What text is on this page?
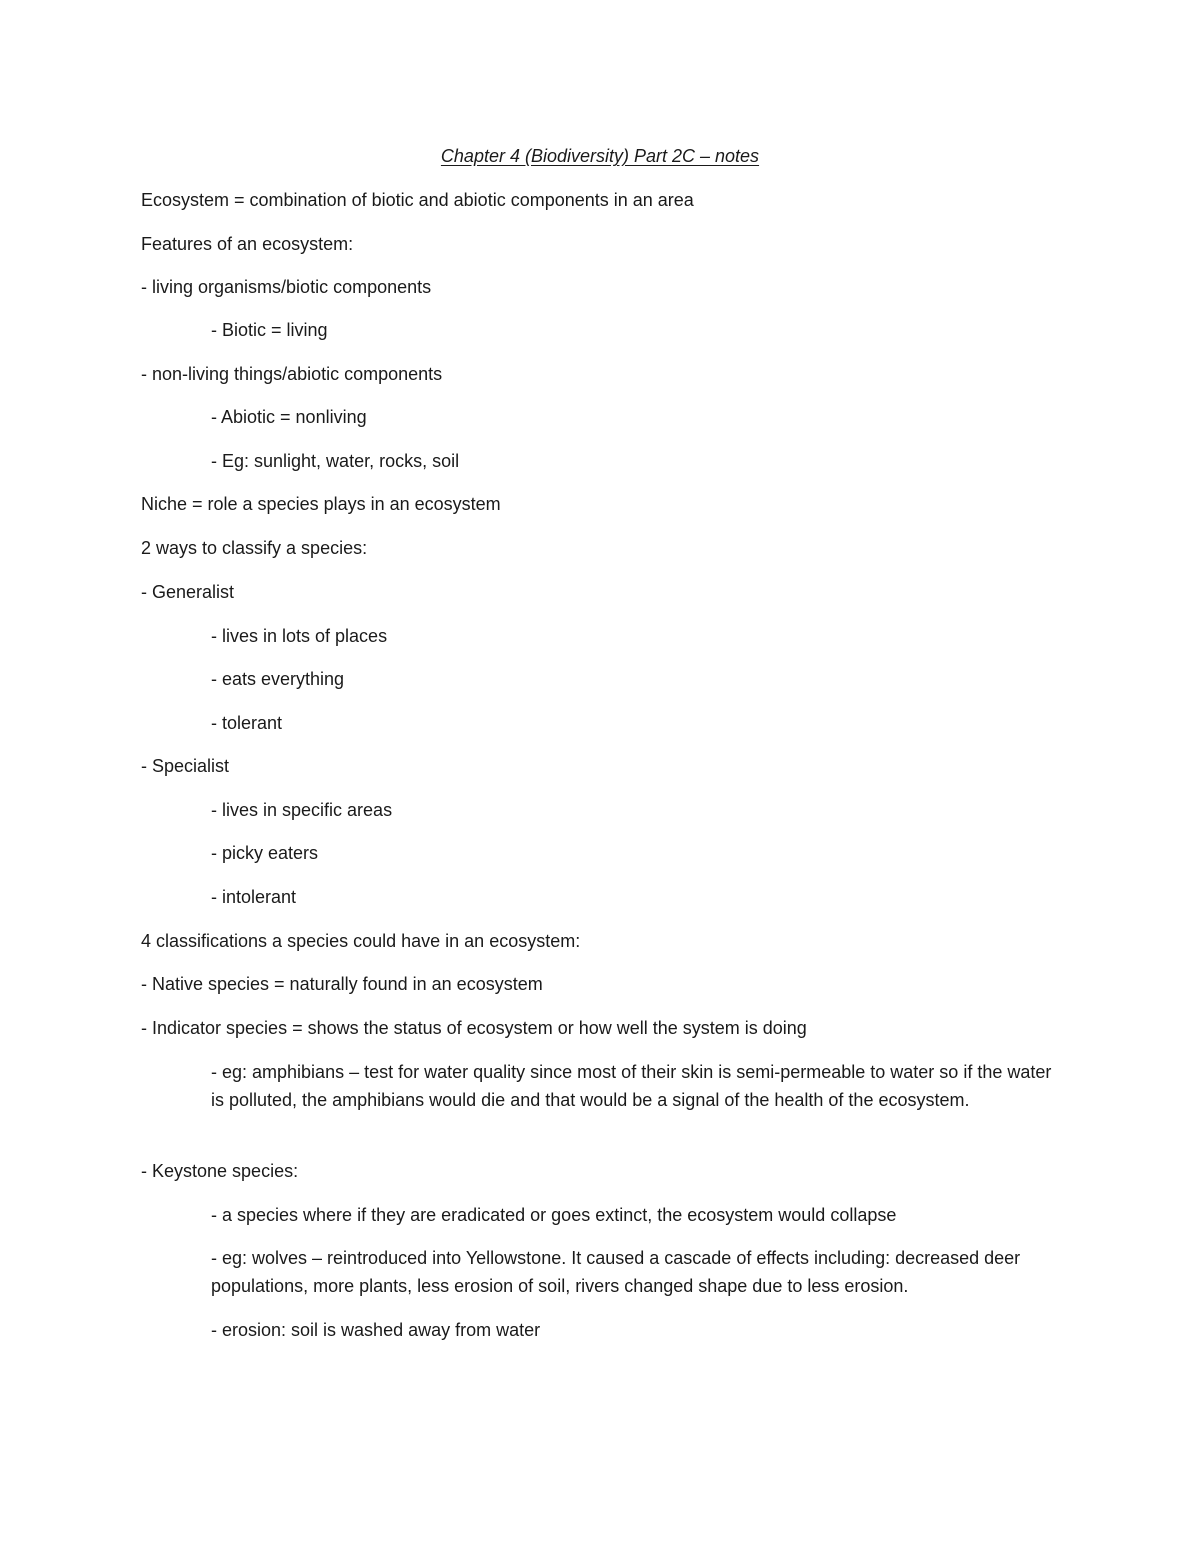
Chapter 4 (Biodiversity) Part 2C – notes
Ecosystem = combination of biotic and abiotic components in an area
Features of an ecosystem:
- living organisms/biotic components
- Biotic = living
- non-living things/abiotic components
- Abiotic = nonliving
- Eg: sunlight, water, rocks, soil
Niche = role a species plays in an ecosystem
2 ways to classify a species:
- Generalist
- lives in lots of places
- eats everything
- tolerant
- Specialist
- lives in specific areas
- picky eaters
- intolerant
4 classifications a species could have in an ecosystem:
- Native species = naturally found in an ecosystem
- Indicator species = shows the status of ecosystem or how well the system is doing
- eg: amphibians – test for water quality since most of their skin is semi-permeable to water so if the water is polluted, the amphibians would die and that would be a signal of the health of the ecosystem.
- Keystone species:
- a species where if they are eradicated or goes extinct, the ecosystem would collapse
- eg: wolves – reintroduced into Yellowstone. It caused a cascade of effects including: decreased deer populations, more plants, less erosion of soil, rivers changed shape due to less erosion.
- erosion: soil is washed away from water
